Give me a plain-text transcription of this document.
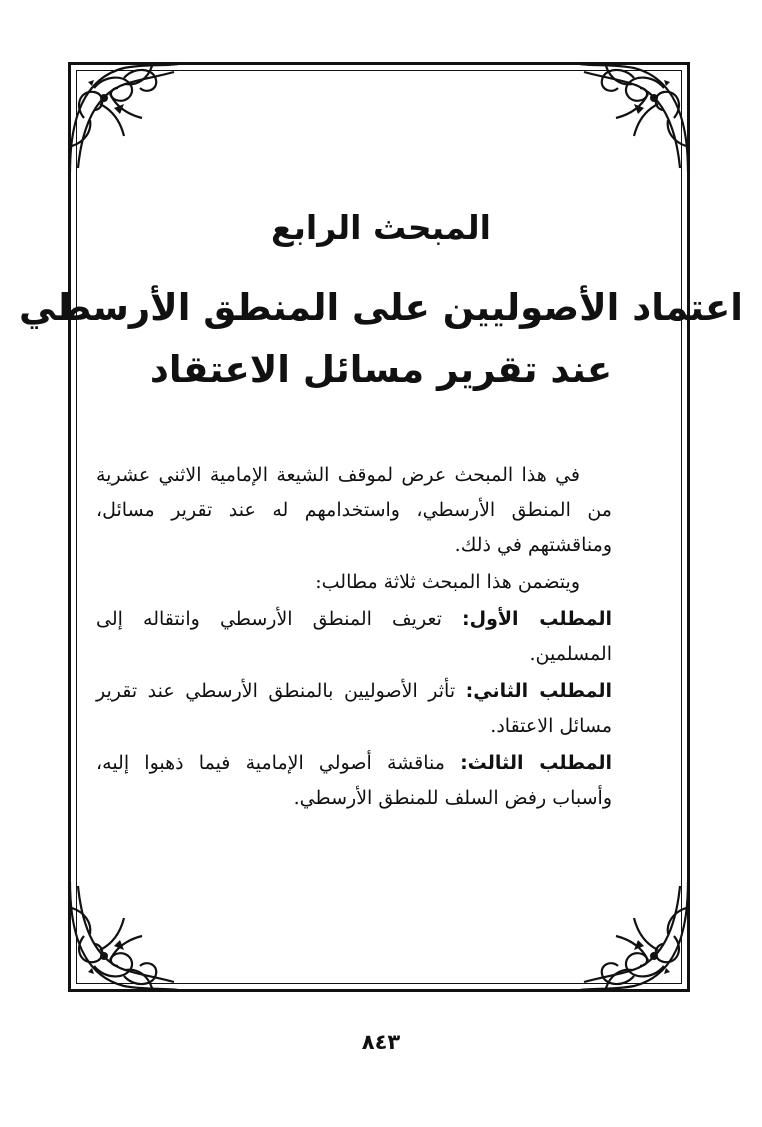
المبحث الرابع
اعتماد الأصوليين على المنطق الأرسطي
عند تقرير مسائل الاعتقاد

في هذا المبحث عرض لموقف الشيعة الإمامية الاثني عشرية من المنطق الأرسطي، واستخدامهم له عند تقرير مسائل، ومناقشتهم في ذلك.

ويتضمن هذا المبحث ثلاثة مطالب:

المطلب الأول: تعريف المنطق الأرسطي وانتقاله إلى المسلمين.

المطلب الثاني: تأثر الأصوليين بالمنطق الأرسطي عند تقرير مسائل الاعتقاد.

المطلب الثالث: مناقشة أصولي الإمامية فيما ذهبوا إليه، وأسباب رفض السلف للمنطق الأرسطي.

٨٤٣
